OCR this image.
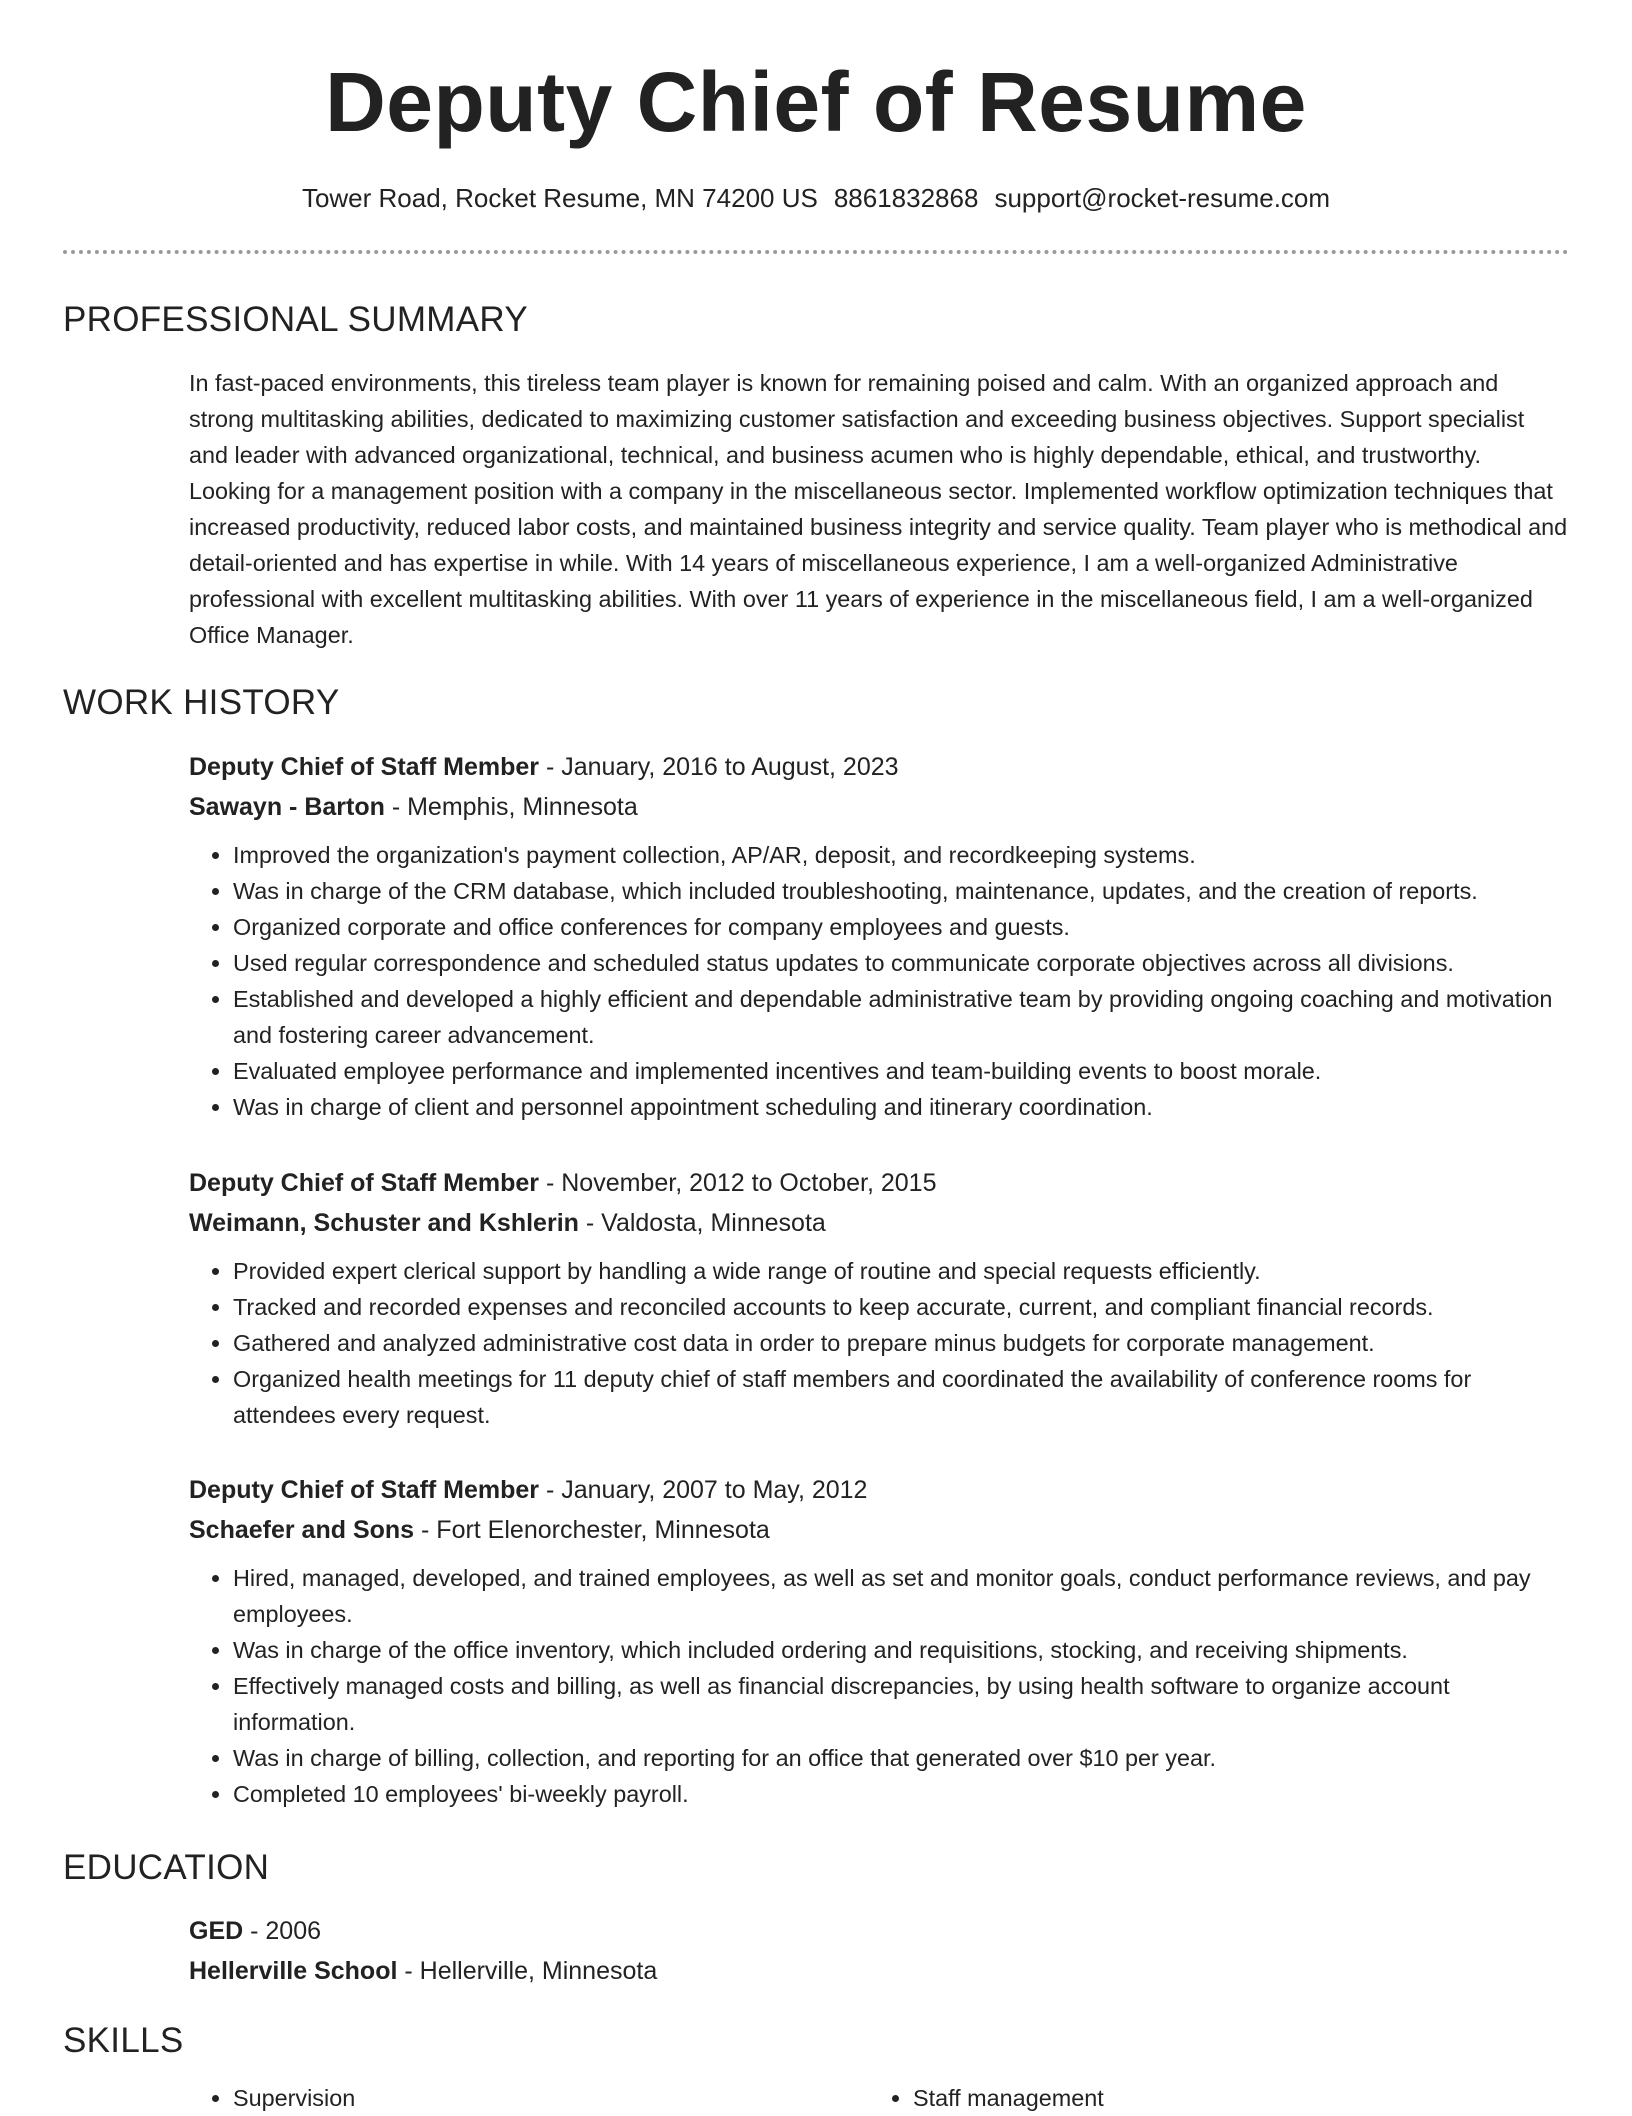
Deputy Chief of Resume
Tower Road, Rocket Resume, MN 74200 US 8861832868 support@rocket-resume.com
PROFESSIONAL SUMMARY
In fast-paced environments, this tireless team player is known for remaining poised and calm. With an organized approach and strong multitasking abilities, dedicated to maximizing customer satisfaction and exceeding business objectives. Support specialist and leader with advanced organizational, technical, and business acumen who is highly dependable, ethical, and trustworthy. Looking for a management position with a company in the miscellaneous sector. Implemented workflow optimization techniques that increased productivity, reduced labor costs, and maintained business integrity and service quality. Team player who is methodical and detail-oriented and has expertise in while. With 14 years of miscellaneous experience, I am a well-organized Administrative professional with excellent multitasking abilities. With over 11 years of experience in the miscellaneous field, I am a well-organized Office Manager.
WORK HISTORY
Deputy Chief of Staff Member - January, 2016 to August, 2023
Sawayn - Barton - Memphis, Minnesota
• Improved the organization's payment collection, AP/AR, deposit, and recordkeeping systems.
• Was in charge of the CRM database, which included troubleshooting, maintenance, updates, and the creation of reports.
• Organized corporate and office conferences for company employees and guests.
• Used regular correspondence and scheduled status updates to communicate corporate objectives across all divisions.
• Established and developed a highly efficient and dependable administrative team by providing ongoing coaching and motivation and fostering career advancement.
• Evaluated employee performance and implemented incentives and team-building events to boost morale.
• Was in charge of client and personnel appointment scheduling and itinerary coordination.
Deputy Chief of Staff Member - November, 2012 to October, 2015
Weimann, Schuster and Kshlerin - Valdosta, Minnesota
• Provided expert clerical support by handling a wide range of routine and special requests efficiently.
• Tracked and recorded expenses and reconciled accounts to keep accurate, current, and compliant financial records.
• Gathered and analyzed administrative cost data in order to prepare minus budgets for corporate management.
• Organized health meetings for 11 deputy chief of staff members and coordinated the availability of conference rooms for attendees every request.
Deputy Chief of Staff Member - January, 2007 to May, 2012
Schaefer and Sons - Fort Elenorchester, Minnesota
• Hired, managed, developed, and trained employees, as well as set and monitor goals, conduct performance reviews, and pay employees.
• Was in charge of the office inventory, which included ordering and requisitions, stocking, and receiving shipments.
• Effectively managed costs and billing, as well as financial discrepancies, by using health software to organize account information.
• Was in charge of billing, collection, and reporting for an office that generated over $10 per year.
• Completed 10 employees' bi-weekly payroll.
EDUCATION
GED - 2006
Hellerville School - Hellerville, Minnesota
SKILLS
• Supervision
•	Staff management
